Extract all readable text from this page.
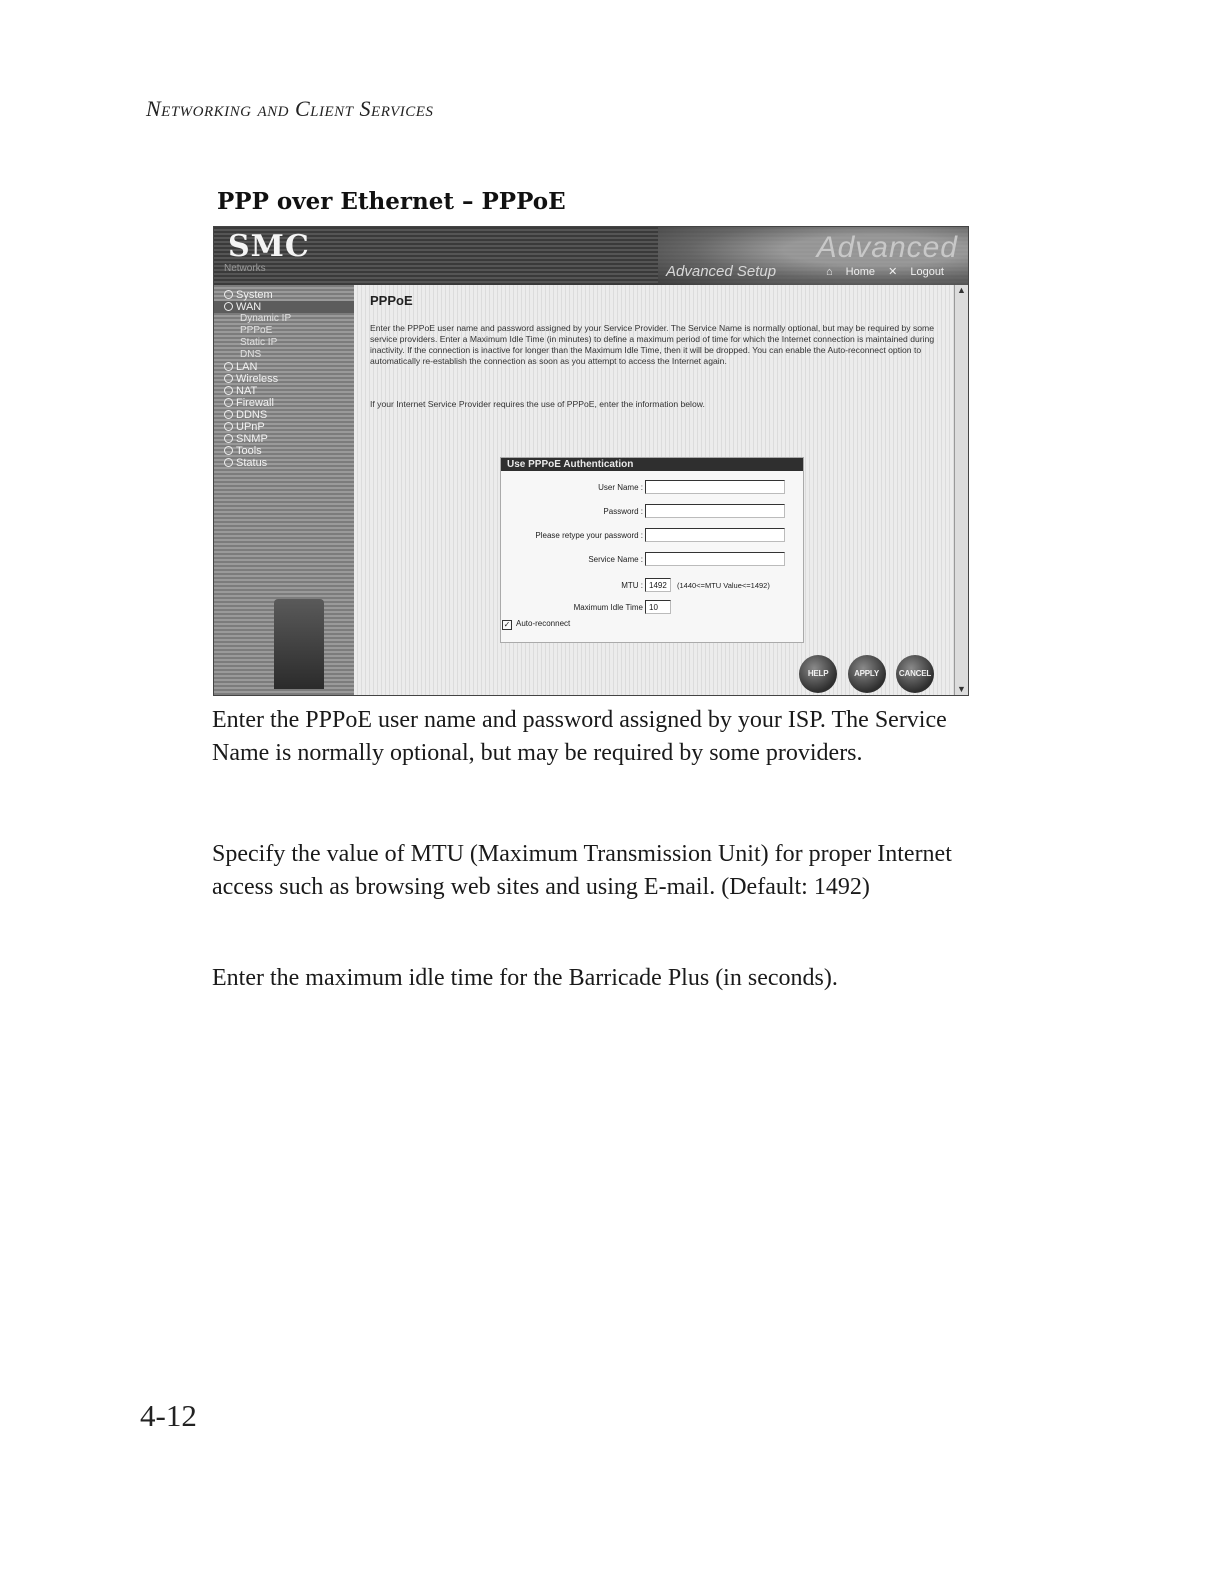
Networking and Client Services
PPP over Ethernet – PPPoE
SMC
Networks
Advanced
Advanced Setup	⌂ Home ✕ Logout
System
WAN
Dynamic IP
PPPoE
Static IP
DNS
LAN
Wireless
NAT
Firewall
DDNS
UPnP
SNMP
Tools
Status
PPPoE
Enter the PPPoE user name and password assigned by your Service Provider. The Service Name is normally optional, but may be required by some service providers. Enter a Maximum Idle Time (in minutes) to define a maximum period of time for which the Internet connection is maintained during inactivity. If the connection is inactive for longer than the Maximum Idle Time, then it will be dropped. You can enable the Auto-reconnect option to automatically re-establish the connection as soon as you attempt to access the Internet again.
If your Internet Service Provider requires the use of PPPoE, enter the information below.
Use PPPoE Authentication
User Name :
Password :
Please retype your password :
Service Name :
MTU : 1492	(1440<=MTU Value<=1492)
Maximum Idle Time 10
✓ Auto-reconnect
HELP	APPLY CANCEL
▲
▼

Enter the PPPoE user name and password assigned by your ISP. The Service Name is normally optional, but may be required by some providers.

Specify the value of MTU (Maximum Transmission Unit) for proper Internet access such as browsing web sites and using E-mail. (Default: 1492)

Enter the maximum idle time for the Barricade Plus (in seconds).

4-12
